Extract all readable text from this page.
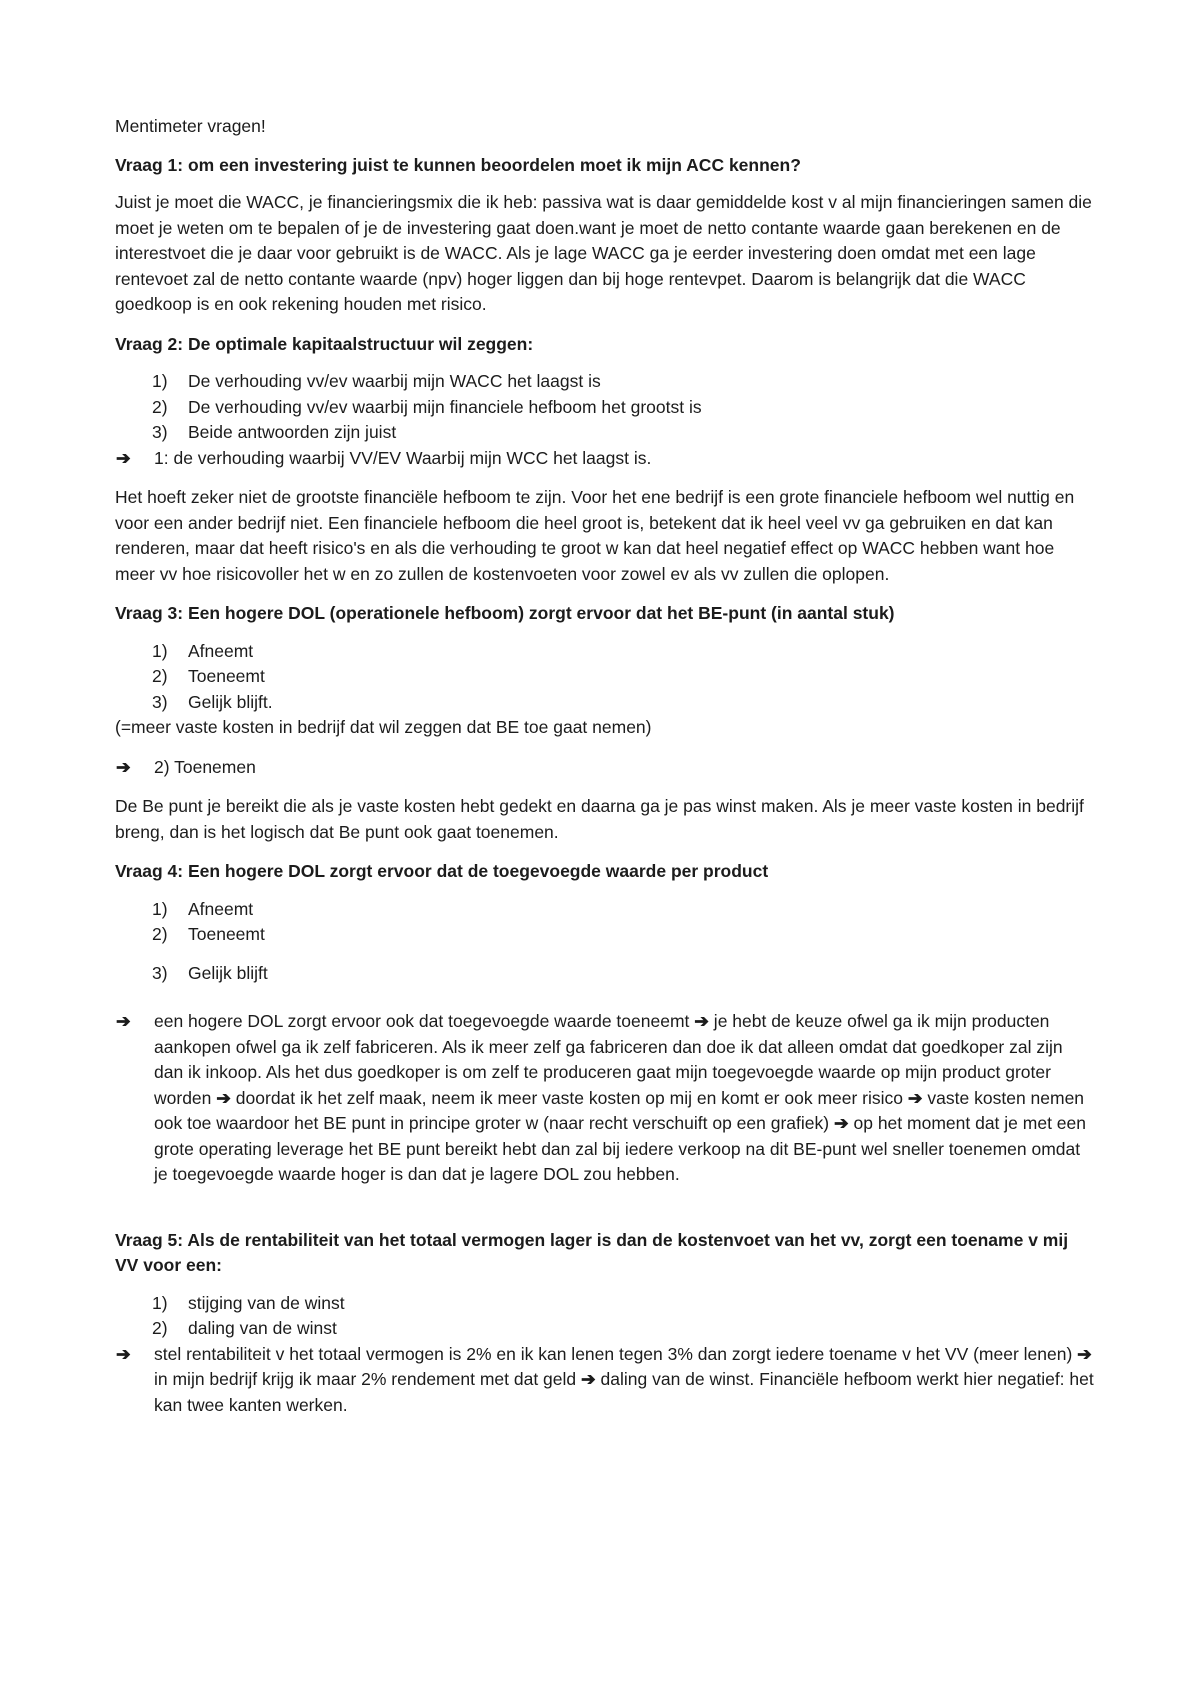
Mentimeter vragen!

Vraag 1: om een investering juist te kunnen beoordelen moet ik mijn ACC kennen?

Juist je moet die WACC, je financieringsmix die ik heb: passiva wat is daar gemiddelde kost v al mijn financieringen samen die moet je weten om te bepalen of je de investering gaat doen.want je moet de netto contante waarde gaan berekenen en de interestvoet die je daar voor gebruikt is de WACC. Als je lage WACC ga je eerder investering doen omdat met een lage rentevoet zal de netto contante waarde (npv) hoger liggen dan bij hoge rentevpet. Daarom is belangrijk dat die WACC goedkoop is en ook rekening houden met risico.

Vraag 2: De optimale kapitaalstructuur wil zeggen:

1)	De verhouding vv/ev waarbij mijn WACC het laagst is
2)	De verhouding vv/ev waarbij mijn financiele hefboom het grootst is
3)	Beide antwoorden zijn juist
➔	1: de verhouding waarbij VV/EV Waarbij mijn WCC het laagst is.

Het hoeft zeker niet de grootste financiële hefboom te zijn. Voor het ene bedrijf is een grote financiele hefboom wel nuttig en voor een ander bedrijf niet. Een financiele hefboom die heel groot is, betekent dat ik heel veel vv ga gebruiken en dat kan renderen, maar dat heeft risico's en als die verhouding te groot w kan dat heel negatief effect op WACC hebben want hoe meer vv hoe risicovoller het w en zo zullen de kostenvoeten voor zowel ev als vv zullen die oplopen.

Vraag 3: Een hogere DOL (operationele hefboom) zorgt ervoor dat het BE-punt (in aantal stuk)

1)	Afneemt
2)	Toeneemt
3)	Gelijk blijft.

(=meer vaste kosten in bedrijf dat wil zeggen dat BE toe gaat nemen)

➔	2) Toenemen

De Be punt je bereikt die als je vaste kosten hebt gedekt en daarna ga je pas winst maken. Als je meer vaste kosten in bedrijf breng, dan is het logisch dat Be punt ook gaat toenemen.

Vraag 4: Een hogere DOL zorgt ervoor dat de toegevoegde waarde per product

1)	Afneemt
2)	Toeneemt
3)	Gelijk blijft
➔	een hogere DOL zorgt ervoor ook dat toegevoegde waarde toeneemt ➔ je hebt de keuze ofwel ga ik mijn producten aankopen ofwel ga ik zelf fabriceren. Als ik meer zelf ga fabriceren dan doe ik dat alleen omdat dat goedkoper zal zijn dan ik inkoop. Als het dus goedkoper is om zelf te produceren gaat mijn toegevoegde waarde op mijn product groter worden ➔ doordat ik het zelf maak, neem ik meer vaste kosten op mij en komt er ook meer risico ➔ vaste kosten nemen ook toe waardoor het BE punt in principe groter w (naar recht verschuift op een grafiek) ➔ op het moment dat je met een grote operating leverage het BE punt bereikt hebt dan zal bij iedere verkoop na dit BE-punt wel sneller toenemen omdat je toegevoegde waarde hoger is dan dat je lagere DOL zou hebben.

Vraag 5: Als de rentabiliteit van het totaal vermogen lager is dan de kostenvoet van het vv, zorgt een toename v mij VV voor een:

1)	stijging van de winst
2)	daling van de winst
➔	stel rentabiliteit v het totaal vermogen is 2% en ik kan lenen tegen 3% dan zorgt iedere toename v het VV (meer lenen) ➔ in mijn bedrijf krijg ik maar 2% rendement met dat geld ➔ daling van de winst. Financiële hefboom werkt hier negatief: het kan twee kanten werken.
